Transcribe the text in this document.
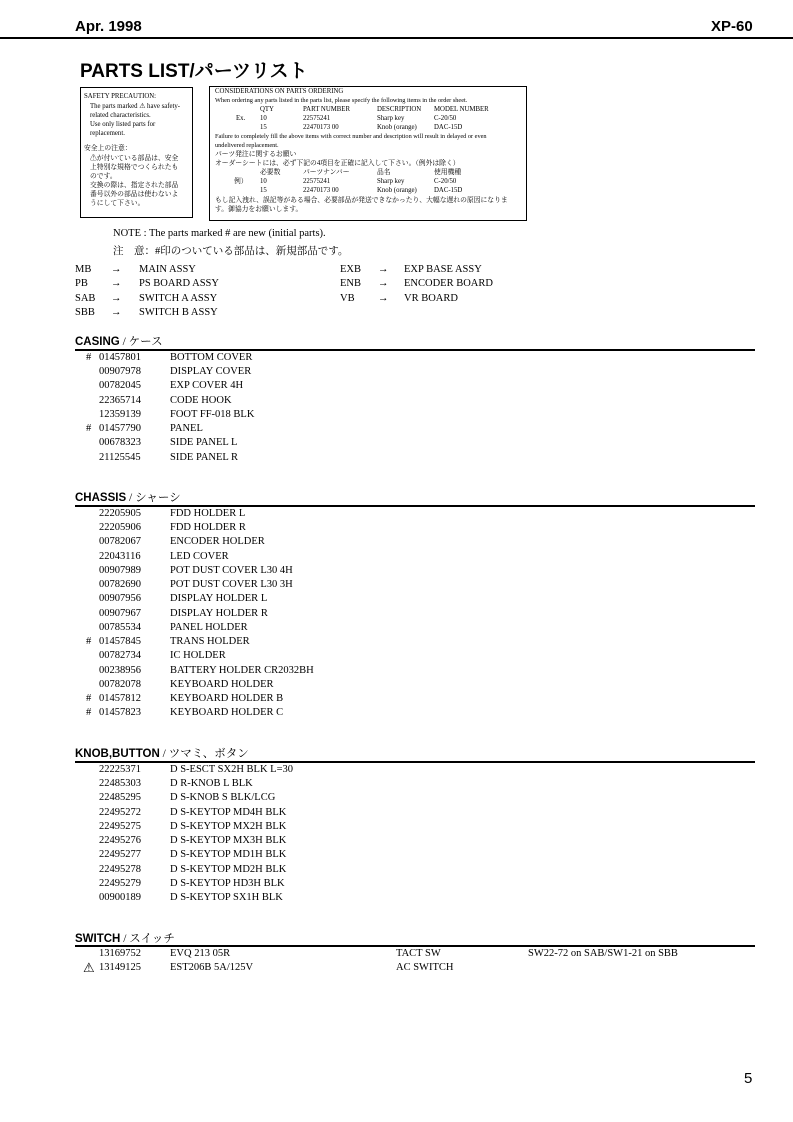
Apr. 1998	XP-60
PARTS LIST/パーツリスト
SAFETY PRECAUTION:
The parts marked ⚠ have safety-
related characteristics.
Use only listed parts for
replacement.
安全上の注意：
⚠が付いている部品は、安全
上特別な規格でつくられたも
のです。
交換の際は、指定された部品
番号以外の部品は使わないよ
うにして下さい。
CONSIDERATIONS ON PARTS ORDERING
When ordering any parts listed in the parts list, please specify the following items in the order sheet.
QTY	PART NUMBER	DESCRIPTION MODEL NUMBER
Ex. 10	22575241	Sharp key	C-20/50
15	22470173 00	Knob (orange)	DAC-15D
Failure to completely fill the above items with correct number and description will result in delayed or even
undelivered replacement.
パーツ発注に関するお願い
オーダーシートには、必ず下記の4項目を正確に記入して下さい。（例外は除く）
必要数	パーツナンバー	品名	使用機種
例） 10	22575241	Sharp key	C-20/50
15	22470173 00	Knob (orange)	DAC-15D
もし記入洩れ、誤記等がある場合、必要部品が発送できなかったり、大幅な遅れの原因になりま
す。御協力をお願いします。
NOTE : The parts marked # are new (initial parts).
注　意：#印のついている部品は、新規部品です。
MB → MAIN ASSY
PB → PS BOARD ASSY
SAB → SWITCH A ASSY
SBB → SWITCH B ASSY
EXB → EXP BASE ASSY
ENB → ENCODER BOARD
VB → VR BOARD
CASING / ケース
# 01457801	BOTTOM COVER
00907978	DISPLAY COVER
00782045	EXP COVER 4H
22365714	CODE HOOK
12359139	FOOT FF-018 BLK
# 01457790	PANEL
00678323	SIDE PANEL L
21125545	SIDE PANEL R
CHASSIS / シャーシ
22205905	FDD HOLDER L
22205906	FDD HOLDER R
00782067	ENCODER HOLDER
22043116	LED COVER
00907989	POT DUST COVER L30 4H
00782690	POT DUST COVER L30 3H
00907956	DISPLAY HOLDER L
00907967	DISPLAY HOLDER R
00785534	PANEL HOLDER
# 01457845	TRANS HOLDER
00782734	IC HOLDER
00238956	BATTERY HOLDER CR2032BH
00782078	KEYBOARD HOLDER
# 01457812	KEYBOARD HOLDER B
# 01457823	KEYBOARD HOLDER C
KNOB,BUTTON / ツマミ、ボタン
22225371	D S-ESCT SX2H BLK L=30
22485303	D R-KNOB L BLK
22485295	D S-KNOB S BLK/LCG
22495272	D S-KEYTOP MD4H BLK
22495275	D S-KEYTOP MX2H BLK
22495276	D S-KEYTOP MX3H BLK
22495277	D S-KEYTOP MD1H BLK
22495278	D S-KEYTOP MD2H BLK
22495279	D S-KEYTOP HD3H BLK
00900189	D S-KEYTOP SX1H BLK
SWITCH / スイッチ
13169752	EVQ 213 05R	TACT SW	SW22-72 on SAB/SW1-21 on SBB
⚠ 13149125	EST206B 5A/125V	AC SWITCH
5
